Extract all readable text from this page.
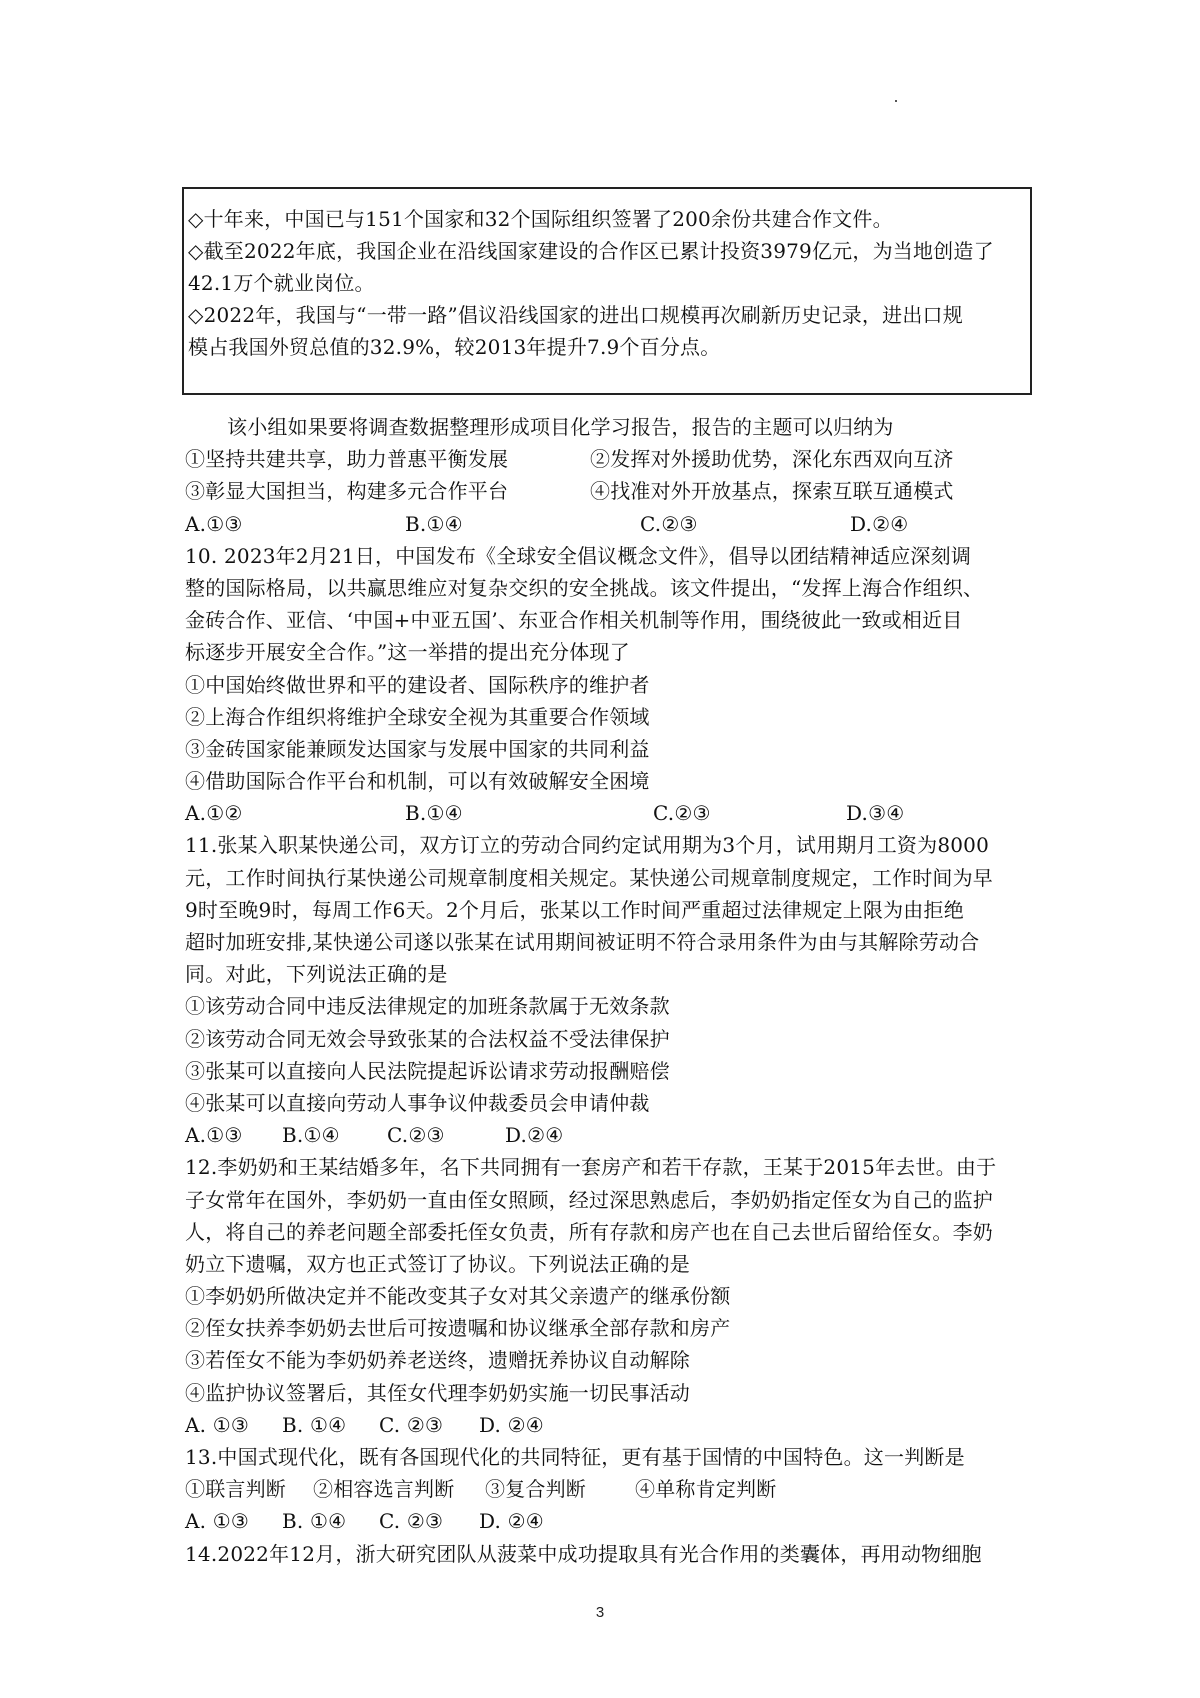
◇十年来，中国已与151个国家和32个国际组织签署了200余份共建合作文件。
◇截至2022年底，我国企业在沿线国家建设的合作区已累计投资3979亿元，为当地创造了
42.1万个就业岗位。
◇2022年，我国与“一带一路”倡议沿线国家的进出口规模再次刷新历史记录，进出口规
模占我国外贸总值的32.9%，较2013年提升7.9个百分点。
该小组如果要将调查数据整理形成项目化学习报告，报告的主题可以归纳为
①坚持共建共享，助力普惠平衡发展	②发挥对外援助优势，深化东西双向互济
③彰显大国担当，构建多元合作平台	④找准对外开放基点，探索互联互通模式
A.①③	B.①④	C.②③	D.②④
10. 2023年2月21日，中国发布《全球安全倡议概念文件》，倡导以团结精神适应深刻调
整的国际格局，以共赢思维应对复杂交织的安全挑战。该文件提出，“发挥上海合作组织、
金砖合作、亚信、‘中国+中亚五国’、东亚合作相关机制等作用，围绕彼此一致或相近目
标逐步开展安全合作。”这一举措的提出充分体现了
①中国始终做世界和平的建设者、国际秩序的维护者
②上海合作组织将维护全球安全视为其重要合作领域
③金砖国家能兼顾发达国家与发展中国家的共同利益
④借助国际合作平台和机制，可以有效破解安全困境
A.①②	B.①④	C.②③	D.③④
11.张某入职某快递公司，双方订立的劳动合同约定试用期为3个月，试用期月工资为8000
元，工作时间执行某快递公司规章制度相关规定。某快递公司规章制度规定，工作时间为早
9时至晚9时，每周工作6天。2个月后，张某以工作时间严重超过法律规定上限为由拒绝
超时加班安排,某快递公司遂以张某在试用期间被证明不符合录用条件为由与其解除劳动合
同。对此，下列说法正确的是
①该劳动合同中违反法律规定的加班条款属于无效条款
②该劳动合同无效会导致张某的合法权益不受法律保护
③张某可以直接向人民法院提起诉讼请求劳动报酬赔偿
④张某可以直接向劳动人事争议仲裁委员会申请仲裁
A.①③	B.①④	C.②③	D.②④
12.李奶奶和王某结婚多年，名下共同拥有一套房产和若干存款，王某于2015年去世。由于
子女常年在国外，李奶奶一直由侄女照顾，经过深思熟虑后，李奶奶指定侄女为自己的监护
人，将自己的养老问题全部委托侄女负责，所有存款和房产也在自己去世后留给侄女。李奶
奶立下遗嘱，双方也正式签订了协议。下列说法正确的是
①李奶奶所做决定并不能改变其子女对其父亲遗产的继承份额
②侄女扶养李奶奶去世后可按遗嘱和协议继承全部存款和房产
③若侄女不能为李奶奶养老送终，遗赠抚养协议自动解除
④监护协议签署后，其侄女代理李奶奶实施一切民事活动
A. ①③	B. ①④	C. ②③	D. ②④
13.中国式现代化，既有各国现代化的共同特征，更有基于国情的中国特色。这一判断是
①联言判断	②相容选言判断	③复合判断	④单称肯定判断
A. ①③	B. ①④	C. ②③	D. ②④
14.2022年12月，浙大研究团队从菠菜中成功提取具有光合作用的类囊体，再用动物细胞
3
